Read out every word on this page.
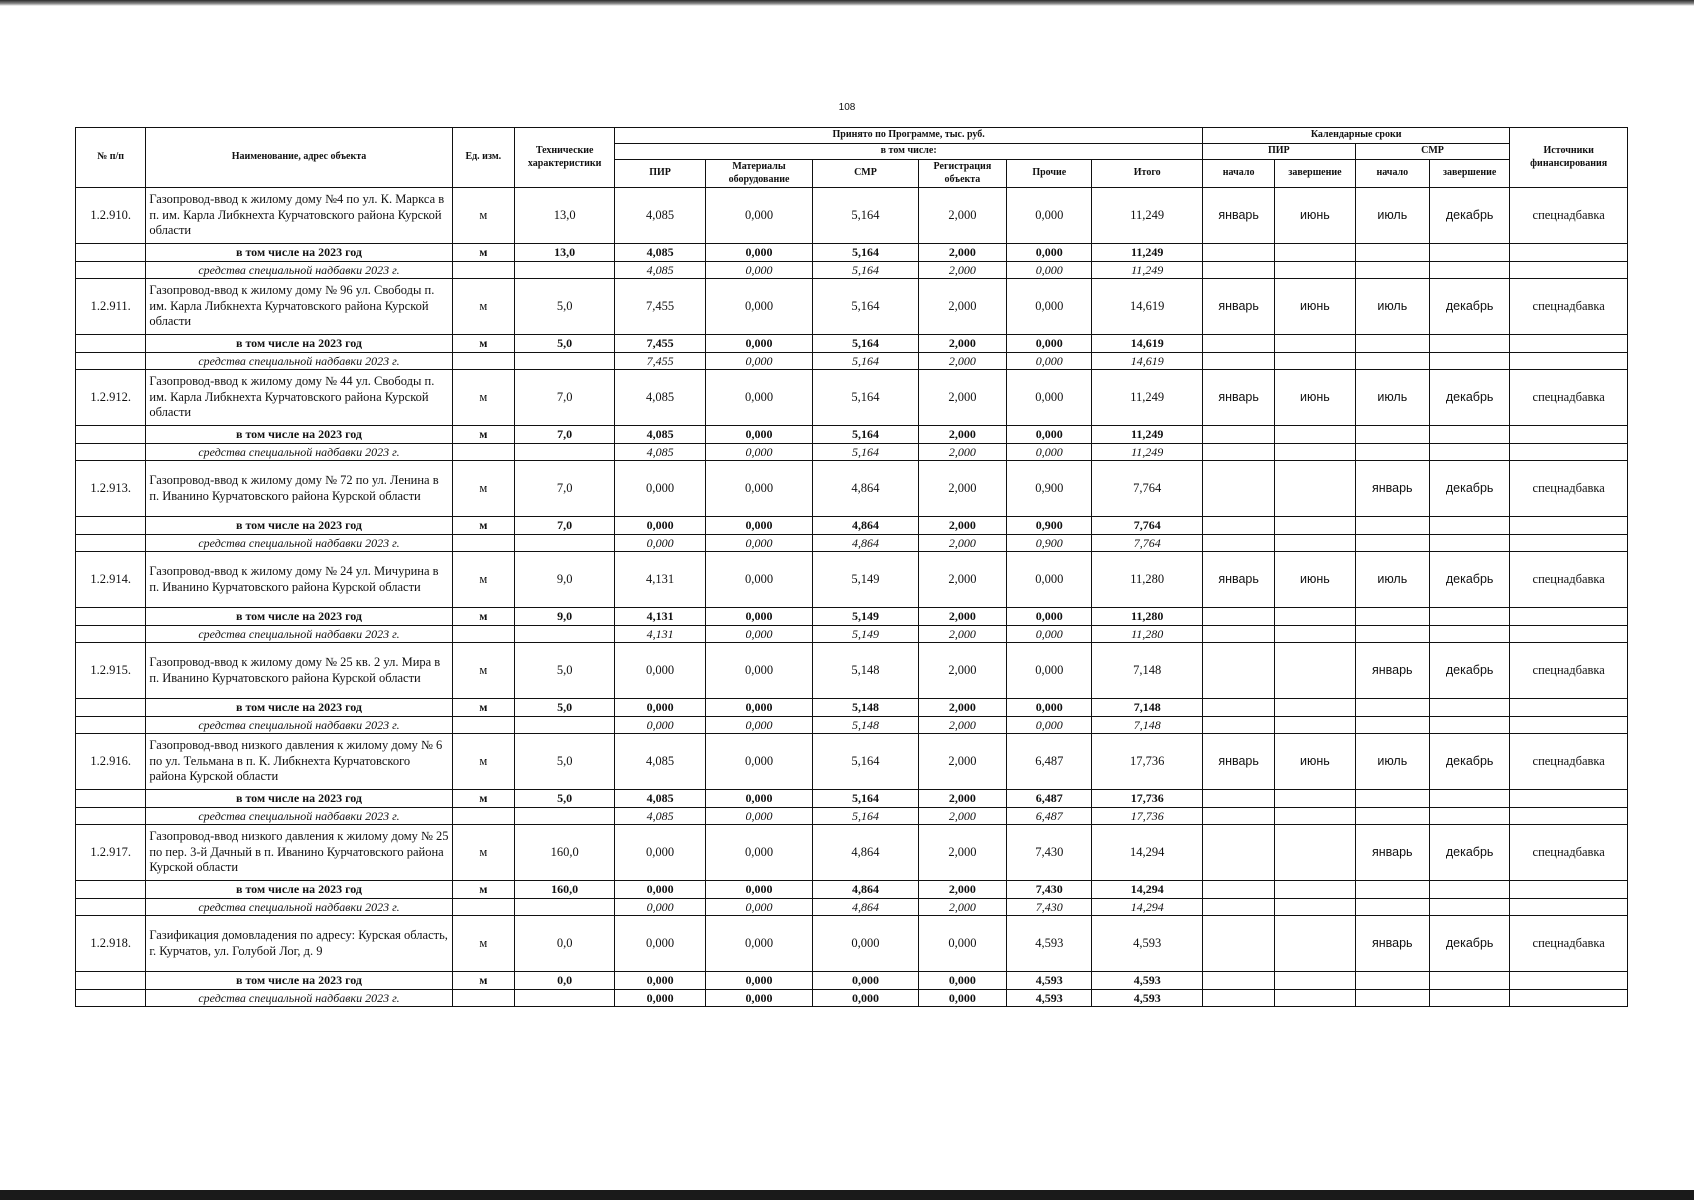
108
№ п/п	Наименование, адрес объекта	Ед. изм.	Технические характеристики	Принято по Программе, тыс. руб.						Календарные сроки				Источники финансирования
				в том числе:						ПИР		СМР		
				ПИР	Материалы оборудование	СМР	Регистрация объекта	Прочие	Итого	начало	завершение	начало	завершение	

1.2.910.	Газопровод-ввод к жилому дому №4 по ул. К. Маркса в п. им. Карла Либкнехта Курчатовского района Курской области	м	13,0	4,085	0,000	5,164	2,000	0,000	11,249	январь	июнь	июль	декабрь	спецнадбавка
	в том числе на 2023 год	м	13,0	4,085	0,000	5,164	2,000	0,000	11,249					
	средства специальной надбавки 2023 г.			4,085	0,000	5,164	2,000	0,000	11,249					
1.2.911.	Газопровод-ввод к жилому дому № 96 ул. Свободы п. им. Карла Либкнехта Курчатовского района Курской области	м	5,0	7,455	0,000	5,164	2,000	0,000	14,619	январь	июнь	июль	декабрь	спецнадбавка
	в том числе на 2023 год	м	5,0	7,455	0,000	5,164	2,000	0,000	14,619					
	средства специальной надбавки 2023 г.			7,455	0,000	5,164	2,000	0,000	14,619					
1.2.912.	Газопровод-ввод к жилому дому № 44 ул. Свободы п. им. Карла Либкнехта Курчатовского района Курской области	м	7,0	4,085	0,000	5,164	2,000	0,000	11,249	январь	июнь	июль	декабрь	спецнадбавка
	в том числе на 2023 год	м	7,0	4,085	0,000	5,164	2,000	0,000	11,249					
	средства специальной надбавки 2023 г.			4,085	0,000	5,164	2,000	0,000	11,249					
1.2.913.	Газопровод-ввод к жилому дому № 72 по ул. Ленина в п. Иванино Курчатовского района Курской области	м	7,0	0,000	0,000	4,864	2,000	0,900	7,764			январь	декабрь	спецнадбавка
	в том числе на 2023 год	м	7,0	0,000	0,000	4,864	2,000	0,900	7,764					
	средства специальной надбавки 2023 г.			0,000	0,000	4,864	2,000	0,900	7,764					
1.2.914.	Газопровод-ввод к жилому дому № 24 ул. Мичурина в п. Иванино Курчатовского района Курской области	м	9,0	4,131	0,000	5,149	2,000	0,000	11,280	январь	июнь	июль	декабрь	спецнадбавка
	в том числе на 2023 год	м	9,0	4,131	0,000	5,149	2,000	0,000	11,280					
	средства специальной надбавки 2023 г.			4,131	0,000	5,149	2,000	0,000	11,280					
1.2.915.	Газопровод-ввод к жилому дому № 25 кв. 2 ул. Мира в п. Иванино Курчатовского района Курской области	м	5,0	0,000	0,000	5,148	2,000	0,000	7,148			январь	декабрь	спецнадбавка
	в том числе на 2023 год	м	5,0	0,000	0,000	5,148	2,000	0,000	7,148					
	средства специальной надбавки 2023 г.			0,000	0,000	5,148	2,000	0,000	7,148					
1.2.916.	Газопровод-ввод низкого давления к жилому дому № 6 по ул. Тельмана в п. К. Либкнехта Курчатовского района Курской области	м	5,0	4,085	0,000	5,164	2,000	6,487	17,736	январь	июнь	июль	декабрь	спецнадбавка
	в том числе на 2023 год	м	5,0	4,085	0,000	5,164	2,000	6,487	17,736					
	средства специальной надбавки 2023 г.			4,085	0,000	5,164	2,000	6,487	17,736					
1.2.917.	Газопровод-ввод низкого давления к жилому дому № 25 по пер. 3-й Дачный в п. Иванино Курчатовского района Курской области	м	160,0	0,000	0,000	4,864	2,000	7,430	14,294			январь	декабрь	спецнадбавка
	в том числе на 2023 год	м	160,0	0,000	0,000	4,864	2,000	7,430	14,294					
	средства специальной надбавки 2023 г.			0,000	0,000	4,864	2,000	7,430	14,294					
1.2.918.	Газификация домовладения по адресу: Курская область, г. Курчатов, ул. Голубой Лог, д. 9	м	0,0	0,000	0,000	0,000	0,000	4,593	4,593			январь	декабрь	спецнадбавка
	в том числе на 2023 год	м	0,0	0,000	0,000	0,000	0,000	4,593	4,593					
	средства специальной надбавки 2023 г.			0,000	0,000	0,000	0,000	4,593	4,593					
